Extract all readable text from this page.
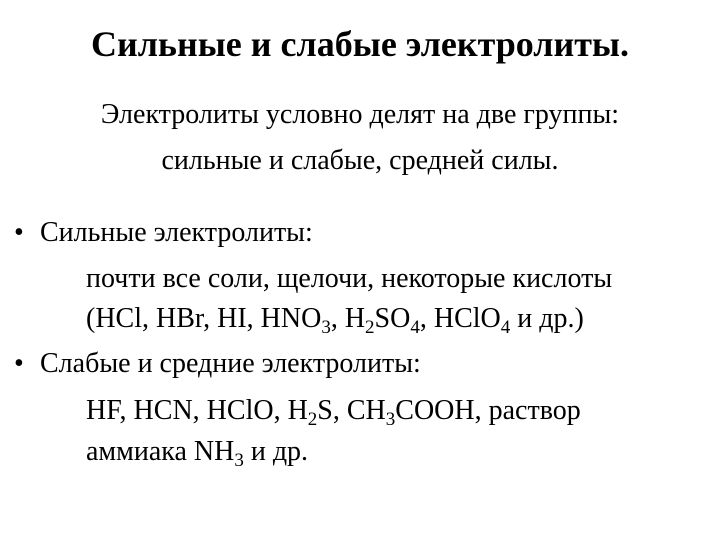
Сильные и слабые электролиты.
Электролиты условно делят на две группы:
сильные и слабые, средней силы.
• Сильные электролиты:
почти все соли, щелочи, некоторые кислоты
(HCl, HBr, HI, $HNO_3$, $H_2SO_4$, HClO$_4$ и др.)
• Слабые и средние электролиты:
HF, HCN, HClO, $H_2S$, $CH_3COOH$, раствор
аммиака $NH_3$ и др.
